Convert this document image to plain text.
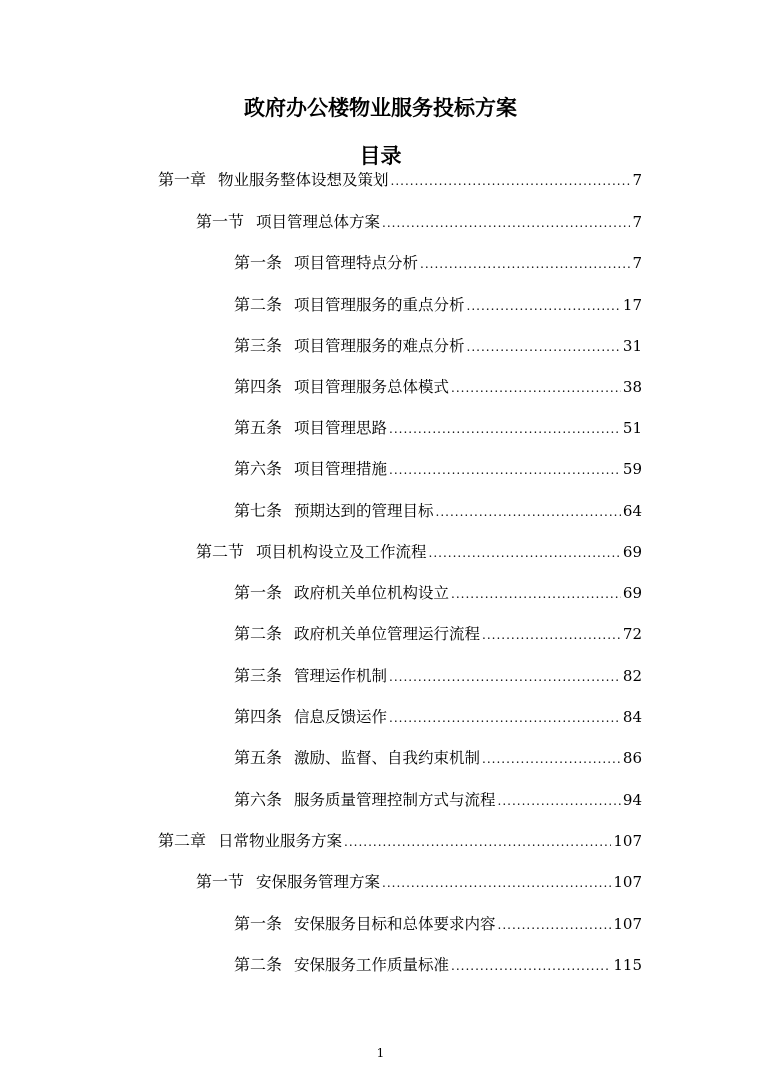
政府办公楼物业服务投标方案
目录
第一章 物业服务整体设想及策划 .....	7
第一节 项目管理总体方案 .....	7
第一条 项目管理特点分析 .....	7
第二条 项目管理服务的重点分析 .....	17
第三条 项目管理服务的难点分析 .....	31
第四条 项目管理服务总体模式 .....	38
第五条 项目管理思路 .....	51
第六条 项目管理措施 .....	59
第七条 预期达到的管理目标 .....	64
第二节 项目机构设立及工作流程 .....	69
第一条 政府机关单位机构设立 .....	69
第二条 政府机关单位管理运行流程 .....	72
第三条 管理运作机制 .....	82
第四条 信息反馈运作 .....	84
第五条 激励、监督、自我约束机制 .....	86
第六条 服务质量管理控制方式与流程 .....	94
第二章 日常物业服务方案 .....	107
第一节 安保服务管理方案 .....	107
第一条 安保服务目标和总体要求内容 .....	107
第二条 安保服务工作质量标准 .....	115
1
